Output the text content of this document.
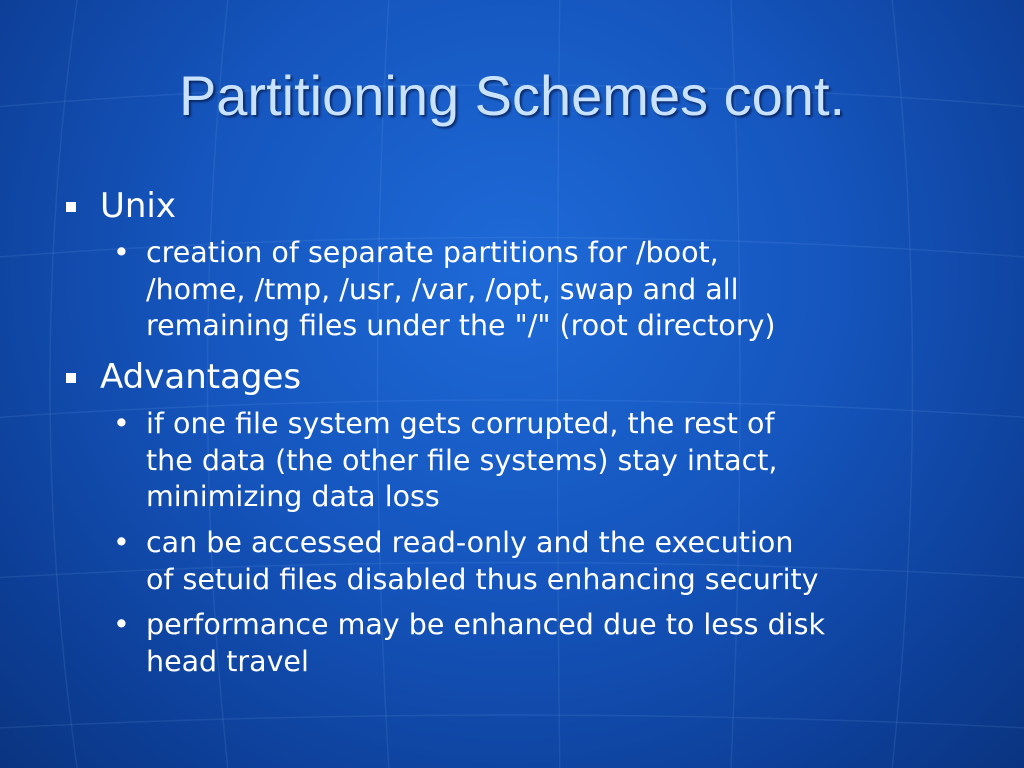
Partitioning Schemes cont.
Unix
• creation of separate partitions for /boot,
/home, /tmp, /usr, /var, /opt, swap and all
remaining files under the "/" (root directory)
Advantages
• if one file system gets corrupted, the rest of
the data (the other file systems) stay intact,
minimizing data loss
• can be accessed read-only and the execution
of setuid files disabled thus enhancing security
• performance may be enhanced due to less disk
head travel
